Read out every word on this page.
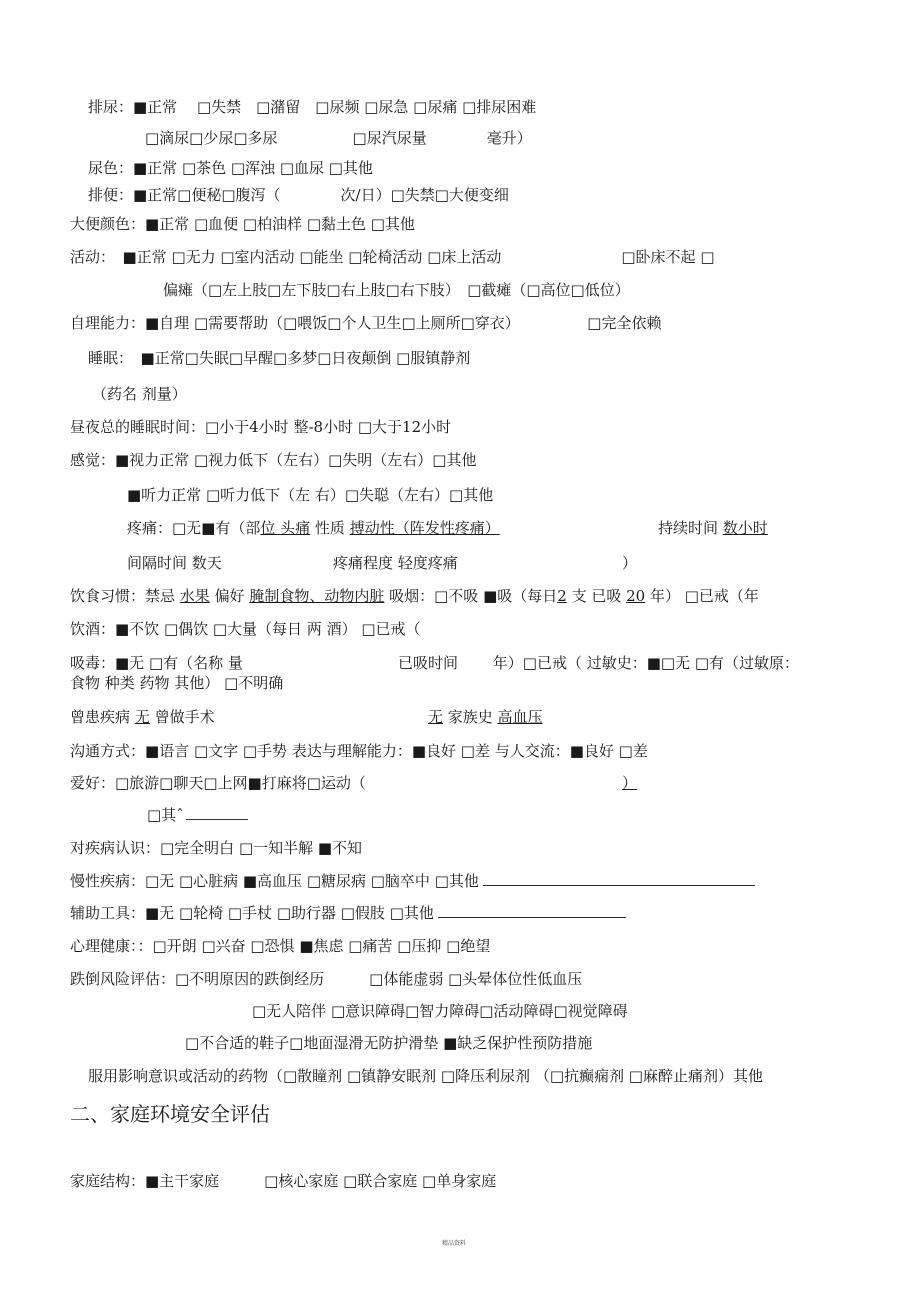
排尿：■正常　 □失禁　□潴留　□尿频 □尿急 □尿痛 □排尿困难
□滴尿□少尿□多尿　　　　　□尿汽尿量　　　　毫升）
尿色：■正常 □茶色 □浑浊 □血尿 □其他
排便：■正常□便秘□腹泻（　　　　次/日）□失禁□大便变细
大便颜色：■正常 □血便 □柏油样 □黏土色 □其他
活动：　■正常 □无力 □室内活动 □能坐 □轮椅活动 □床上活动　　　　　　　　□卧床不起 □
偏瘫（□左上肢□左下肢□右上肢□右下肢）　□截瘫（□高位□低位）
自理能力：■自理 □需要帮助（□喂饭□个人卫生□上厕所□穿衣）　　　　　□完全依赖
睡眠：　■正常□失眠□早醒□多梦□日夜颠倒 □服镇静剂
（药名 剂量）
昼夜总的睡眠时间：□小于4小时 整-8小时 □大于12小时
感觉：■视力正常 □视力低下（左右）□失明（左右）□其他
■听力正常 □听力低下（左 右）□失聪（左右）□其他
疼痛：□无■有（部位 头痛 性质 搏动性（阵发性疼痛）	持续时间 数小时
间隔时间 数天	疼痛程度 轻度疼痛	）
饮食习惯：禁忌 水果 偏好 腌制食物、动物内脏 吸烟：□不吸 ■吸（每日2 支 已吸 20 年） □已戒（年
饮酒：■不饮 □偶饮 □大量（每日 两 酒） □已戒（
吸毒：■无 □有（名称 量	已吸时间　　 年）□已戒（ 过敏史：■□无 □有（过敏原：
食物 种类 药物 其他） □不明确
曾患疾病 无 曾做手术	无 家族史 高血压
沟通方式：■语言 □文字 □手势 表达与理解能力：■良好 □差 与人交流：■良好 □差
爱好：□旅游□聊天□上网■打麻将□运动（	）
□其ˆ
对疾病认识：□完全明白 □一知半解 ■不知
慢性疾病：□无 □心脏病 ■高血压 □糖尿病 □脑卒中 □其他
辅助工具：■无 □轮椅 □手杖 □助行器 □假肢 □其他
心理健康：：□开朗 □兴奋 □恐惧 ■焦虑 □痛苦 □压抑 □绝望
跌倒风险评估：□不明原因的跌倒经历　　　□体能虚弱 □头晕体位性低血压
□无人陪伴 □意识障碍□智力障碍□活动障碍□视觉障碍
□不合适的鞋子□地面湿滑无防护滑垫 ■缺乏保护性预防措施
服用影响意识或活动的药物（□散瞳剂 □镇静安眠剂 □降压利尿剂 （□抗癫痫剂 □麻醉止痛剂）其他
二、家庭环境安全评估
家庭结构：■主干家庭　　　□核心家庭 □联合家庭 □单身家庭
精品资料
